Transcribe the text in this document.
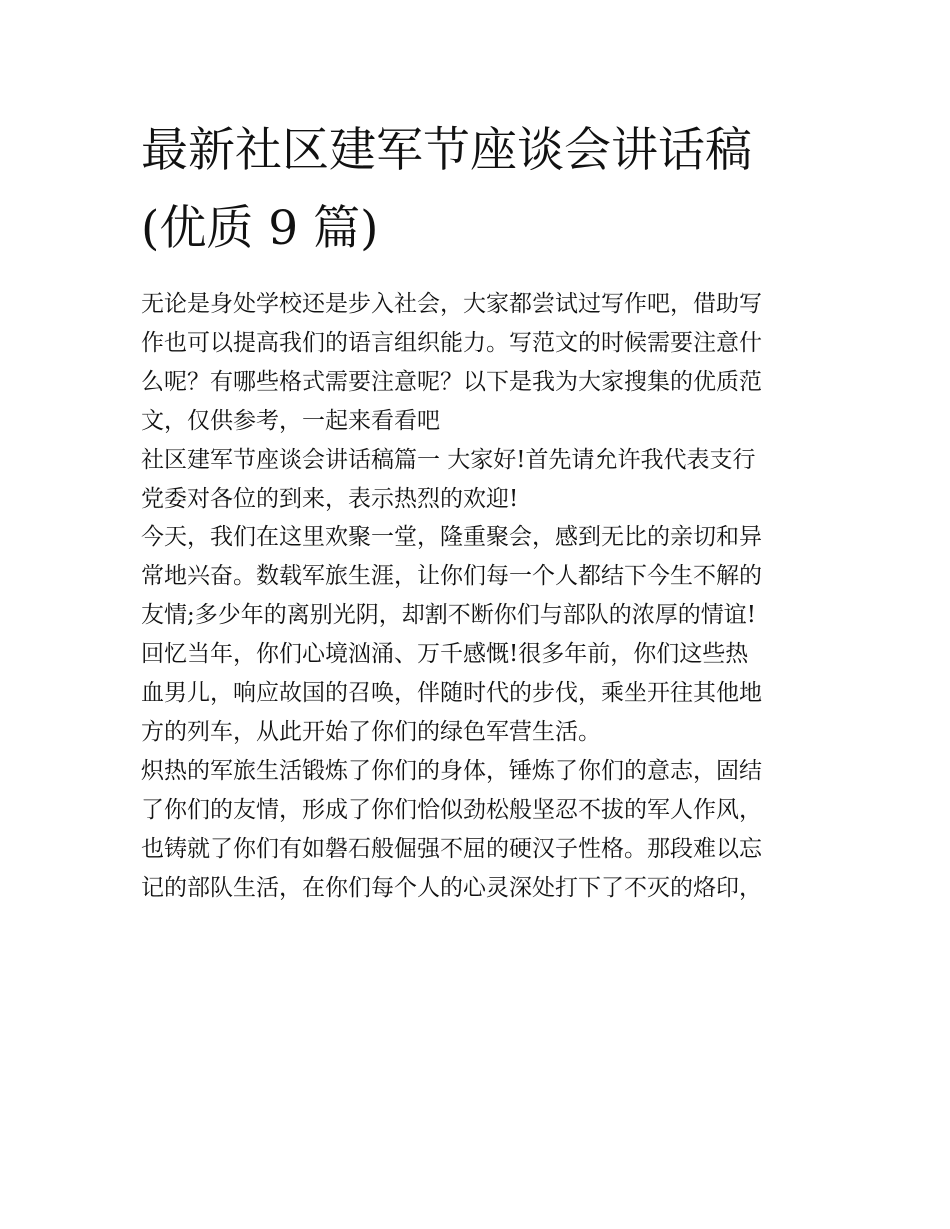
最新社区建军节座谈会讲话稿
(优质 9 篇)
无论是身处学校还是步入社会，大家都尝试过写作吧，借助写
作也可以提高我们的语言组织能力。写范文的时候需要注意什
么呢？有哪些格式需要注意呢？以下是我为大家搜集的优质范
文，仅供参考，一起来看看吧
社区建军节座谈会讲话稿篇一 大家好!首先请允许我代表支行
党委对各位的到来，表示热烈的欢迎!
今天，我们在这里欢聚一堂，隆重聚会，感到无比的亲切和异
常地兴奋。数载军旅生涯，让你们每一个人都结下今生不解的
友情;多少年的离别光阴，却割不断你们与部队的浓厚的情谊!
回忆当年，你们心境汹涌、万千感慨!很多年前，你们这些热
血男儿，响应故国的召唤，伴随时代的步伐，乘坐开往其他地
方的列车，从此开始了你们的绿色军营生活。
炽热的军旅生活锻炼了你们的身体，锤炼了你们的意志，固结
了你们的友情，形成了你们恰似劲松般坚忍不拔的军人作风，
也铸就了你们有如磐石般倔强不屈的硬汉子性格。那段难以忘
记的部队生活，在你们每个人的心灵深处打下了不灭的烙印，
